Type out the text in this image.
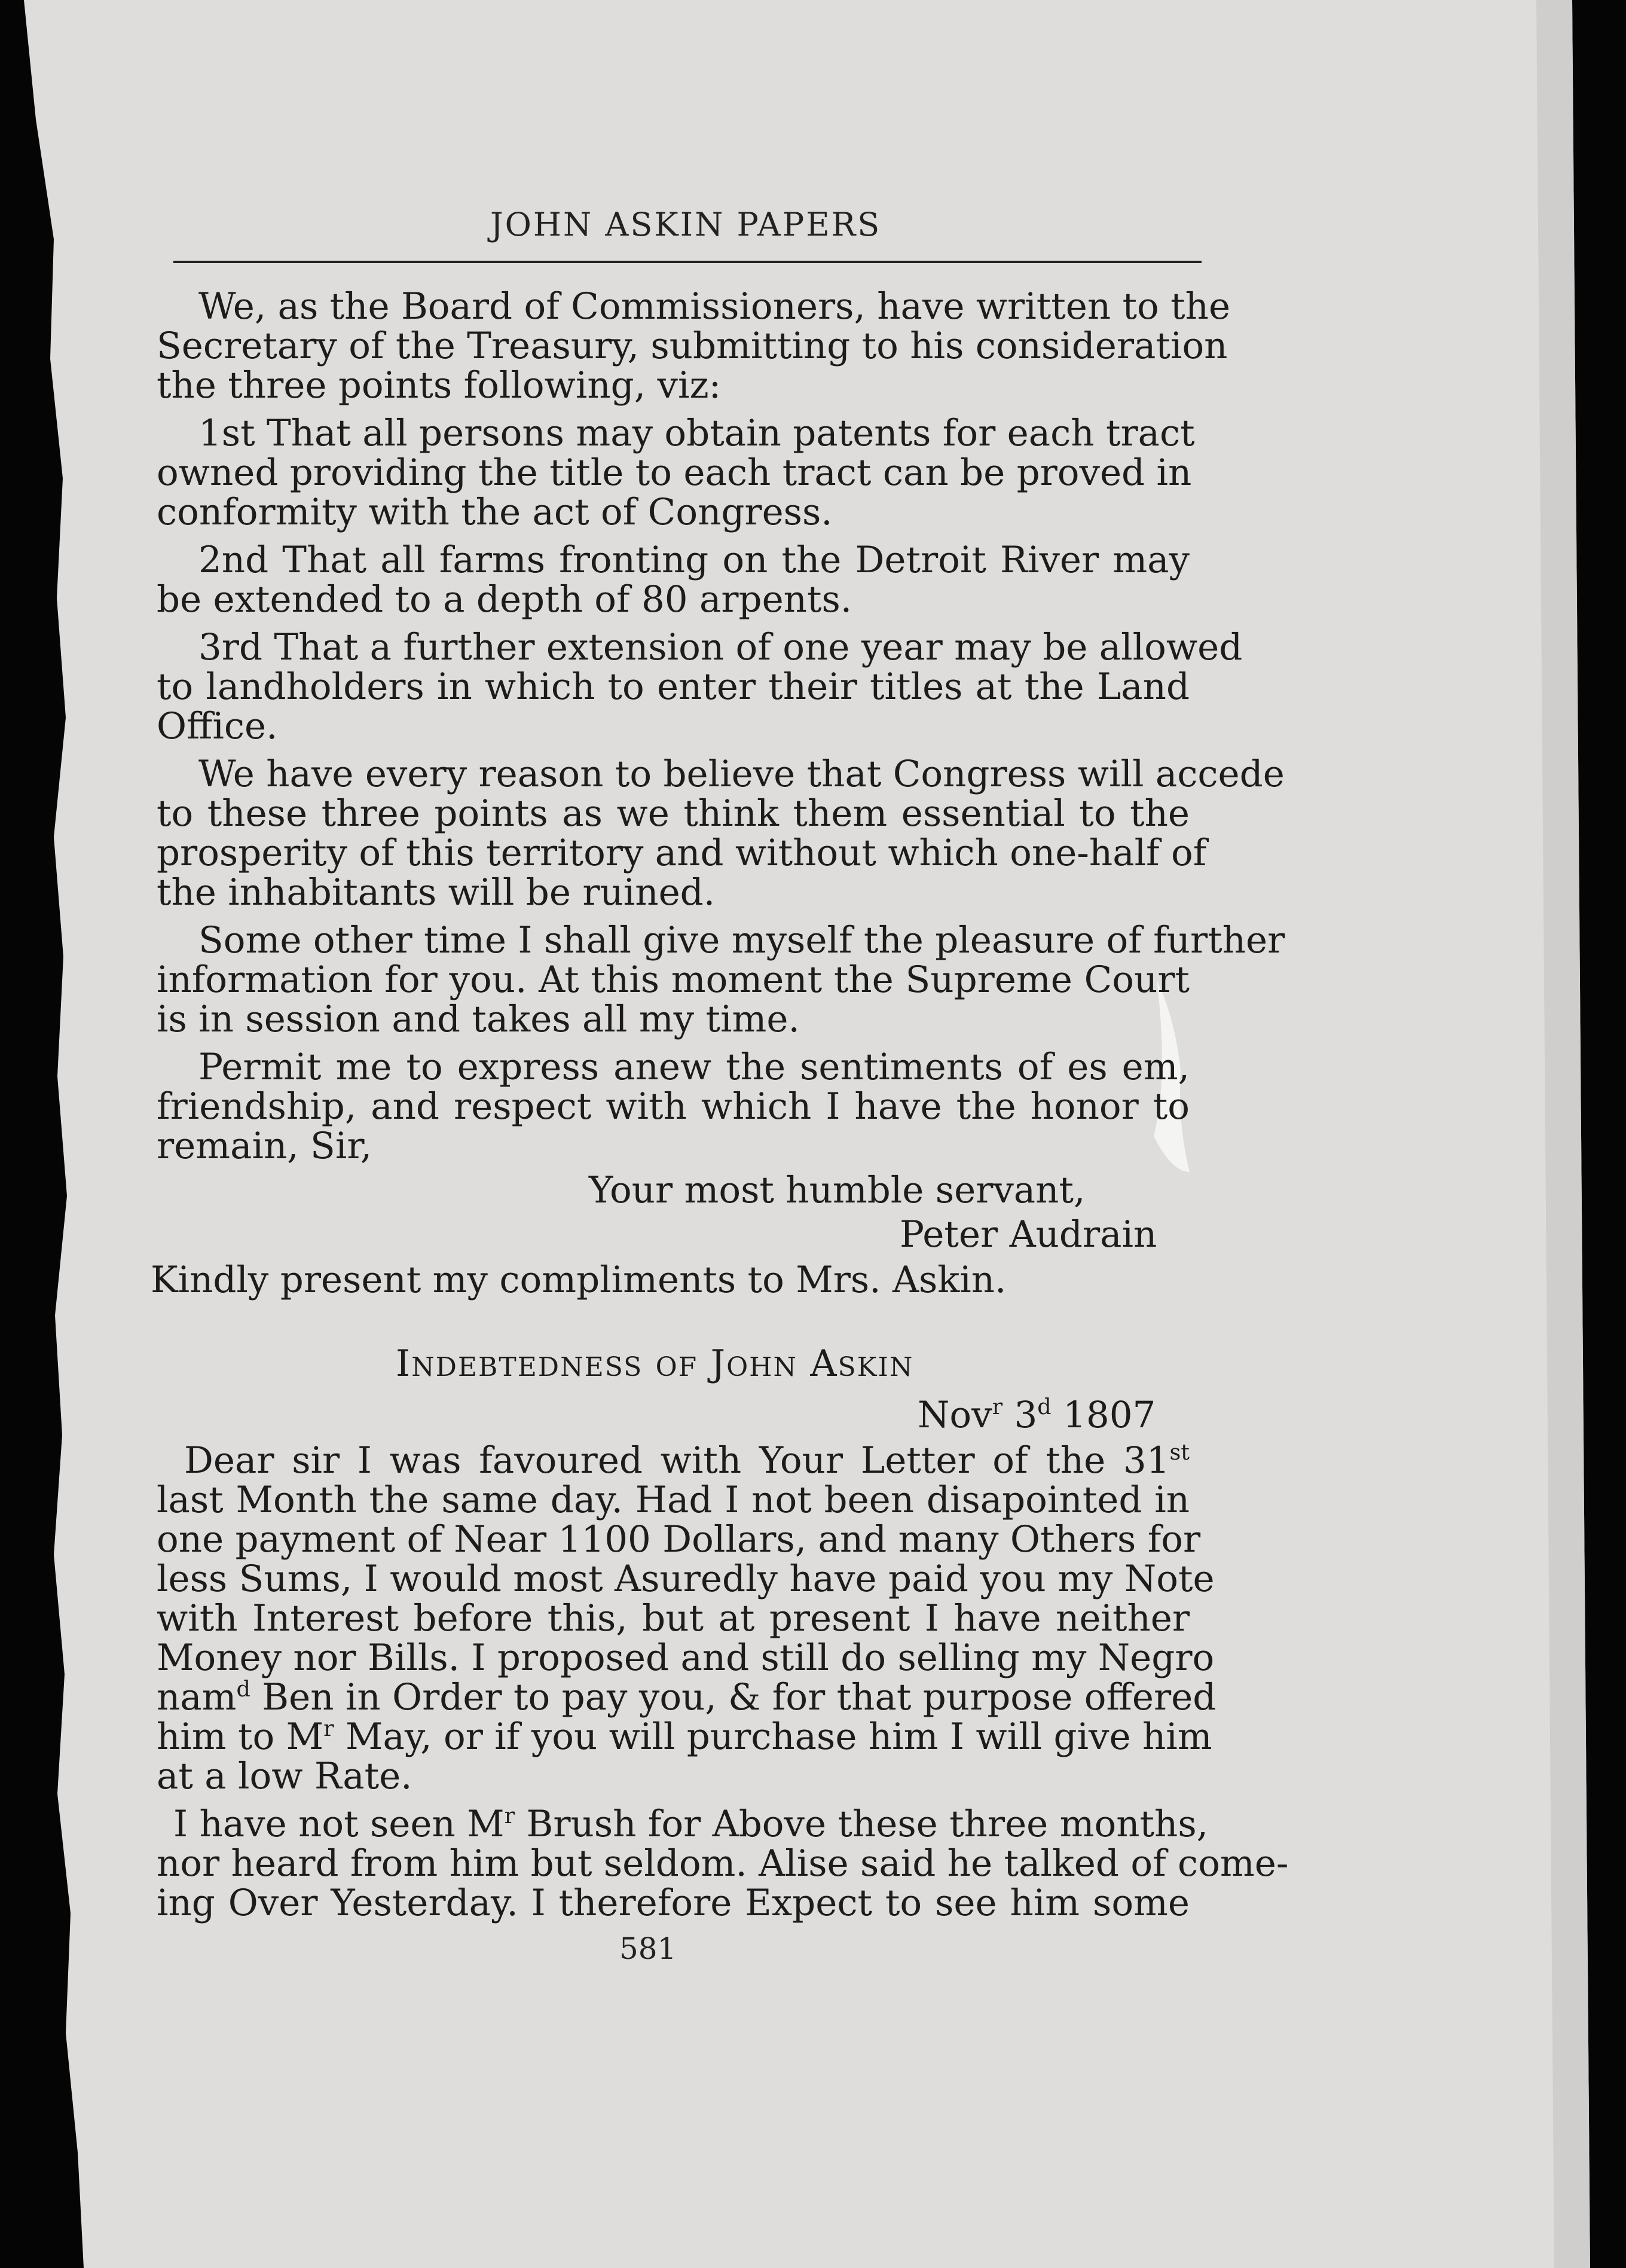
JOHN ASKIN PAPERS
We, as the Board of Commissioners, have written to the
Secretary of the Treasury, submitting to his consideration
the three points following, viz:
1st That all persons may obtain patents for each tract
owned providing the title to each tract can be proved in
conformity with the act of Congress.
2nd That all farms fronting on the Detroit River may
be extended to a depth of 80 arpents.
3rd That a further extension of one year may be allowed
to landholders in which to enter their titles at the Land
Office.
We have every reason to believe that Congress will accede
to these three points as we think them essential to the
prosperity of this territory and without which one-half of
the inhabitants will be ruined.
Some other time I shall give myself the pleasure of further
information for you. At this moment the Supreme Court
is in session and takes all my time.
Permit me to express anew the sentiments of es em,
friendship, and respect with which I have the honor to
remain, Sir,
Your most humble servant,
Peter Audrain
Kindly present my compliments to Mrs. Askin.
INDEBTEDNESS OF JOHN ASKIN
Nov$^r$ 3$^d$ 1807
Dear sir I was favoured with Your Letter of the 31st
last Month the same day. Had I not been disapointed in
one payment of Near 1100 Dollars, and many Others for
less Sums, I would most Asuredly have paid you my Note
with Interest before this, but at present I have neither
Money nor Bills. I proposed and still do selling my Negro
nam$^d$ Ben in Order to pay you, & for that purpose offered
him to $M^r$ May, or if you will purchase him I will give him
at a low Rate.
I have not seen $M^r$ Brush for Above these three months,
nor heard from him but seldom. Alise said he talked of come-
ing Over Yesterday. I therefore Expect to see him some
581
